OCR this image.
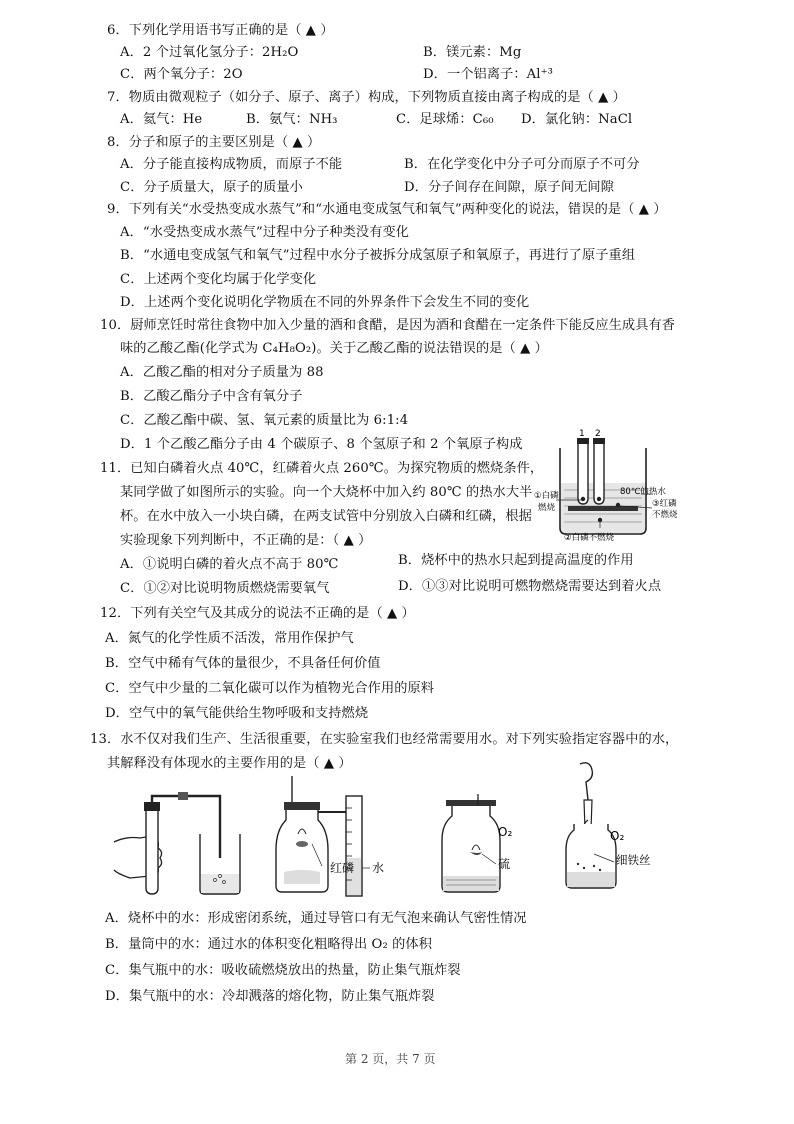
6．下列化学用语书写正确的是（ ▲ ）
A．2 个过氧化氢分子：2H₂O	B．镁元素：Mg
C．两个氧分子：2O	D．一个铝离子：Al⁺³
7．物质由微观粒子（如分子、原子、离子）构成，下列物质直接由离子构成的是（ ▲ ）
A．氦气：He	B．氨气：NH₃	C．足球烯：C₆₀ D．氯化钠：NaCl
8．分子和原子的主要区别是（ ▲ ）
A．分子能直接构成物质，而原子不能	B．在化学变化中分子可分而原子不可分
C．分子质量大，原子的质量小	D．分子间存在间隙，原子间无间隙
9．下列有关“水受热变成水蒸气”和“水通电变成氢气和氧气”两种变化的说法，错误的是（ ▲ ）
A．“水受热变成水蒸气”过程中分子种类没有变化
B．“水通电变成氢气和氧气”过程中水分子被拆分成氢原子和氧原子，再进行了原子重组
C．上述两个变化均属于化学变化
D．上述两个变化说明化学物质在不同的外界条件下会发生不同的变化
10．厨师烹饪时常往食物中加入少量的酒和食醋，是因为酒和食醋在一定条件下能反应生成具有香
味的乙酸乙酯(化学式为 C₄H₈O₂)。关于乙酸乙酯的说法错误的是（ ▲ ）
A．乙酸乙酯的相对分子质量为 88
B．乙酸乙酯分子中含有氧分子
C．乙酸乙酯中碳、氢、氧元素的质量比为 6:1:4
D．1 个乙酸乙酯分子由 4 个碳原子、8 个氢原子和 2 个氧原子构成
11．已知白磷着火点 40℃，红磷着火点 260℃。为探究物质的燃烧条件，
某同学做了如图所示的实验。向一个大烧杯中加入约 80℃ 的热水大半
杯。在水中放入一小块白磷，在两支试管中分别放入白磷和红磷，根据
实验现象下列判断中，不正确的是：（ ▲ ）
1 2
①白磷
燃烧
80℃的热水
③红磷
不燃烧
②白磷不燃烧
A．①说明白磷的着火点不高于 80℃	B．烧杯中的热水只起到提高温度的作用
C．①②对比说明物质燃烧需要氧气	D．①③对比说明可燃物燃烧需要达到着火点
12．下列有关空气及其成分的说法不正确的是（ ▲ ）
A．氮气的化学性质不活泼，常用作保护气
B．空气中稀有气体的量很少，不具备任何价值
C．空气中少量的二氧化碳可以作为植物光合作用的原料
D．空气中的氧气能供给生物呼吸和支持燃烧
13．水不仅对我们生产、生活很重要，在实验室我们也经常需要用水。对下列实验指定容器中的水，
其解释没有体现水的主要作用的是（ ▲ ）
红磷 水
O₂
硫
O₂
细铁丝
A．烧杯中的水：形成密闭系统，通过导管口有无气泡来确认气密性情况
B．量筒中的水：通过水的体积变化粗略得出 O₂ 的体积
C．集气瓶中的水：吸收硫燃烧放出的热量，防止集气瓶炸裂
D．集气瓶中的水：冷却溅落的熔化物，防止集气瓶炸裂
第 2 页，共 7 页
